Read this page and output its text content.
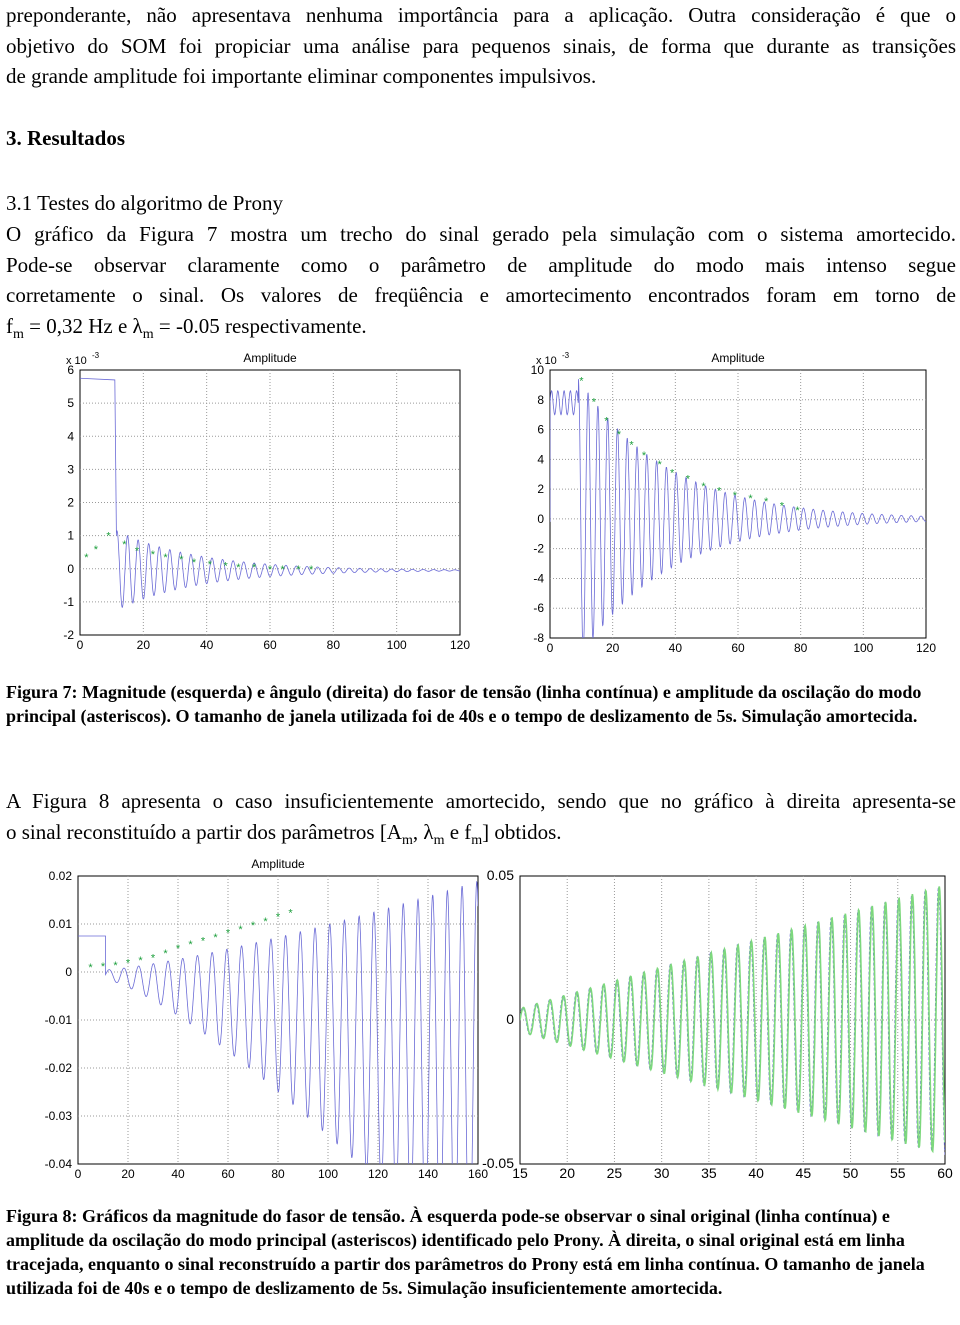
preponderante, não apresentava nenhuma importância para a aplicação. Outra consideração é que o
objetivo do SOM foi propiciar uma análise para pequenos sinais, de forma que durante as transições
de grande amplitude foi importante eliminar componentes impulsivos.
3. Resultados
3.1 Testes do algoritmo de Prony
O gráfico da Figura 7 mostra um trecho do sinal gerado pela simulação com o sistema amortecido.
Pode-se observar claramente como o parâmetro de amplitude do modo mais intenso segue
corretamente o sinal. Os valores de freqüência e amortecimento encontrados foram em torno de
$f_m = 0,32$ Hz e $\lambda_m = -0.05$ respectivamente.
0	20	40	60	80	100	120
6
5
4
3
2
1
0
-1
-2
Amplitude
x 10 -3
*
*
*
*
* * * * * * * * * * * * *
0	20	40	60	80	100	120
10
8
6
4
2
0
-2
-4
-6
-8
Amplitude
x 10 -3
*
*
*
*
*
*
*
* *
* * * * * * *
Figura 7: Magnitude (esquerda) e ângulo (direita) do fasor de tensão (linha contínua) e amplitude da oscilação do modo principal (asteriscos). O tamanho de janela utilizada foi de 40s e o tempo de deslizamento de 5s. Simulação amortecida.
A Figura 8 apresenta o caso insuficientemente amortecido, sendo que no gráfico à direita apresenta-se
o sinal reconstituído a partir dos parâmetros [$A_m$, $\lambda_m$ e $f_m$] obtidos.
0	20	40	60	80	100 120 140 160
0.02
0.01
0
-0.01
-0.02
-0.03
-0.04
Amplitude
* * * * * * * * * * * * * * * * *
15 20 25 30 35 40 45 50 55 60
0.05
0
-0.05
Figura 8: Gráficos da magnitude do fasor de tensão. À esquerda pode-se observar o sinal original (linha contínua) e amplitude da oscilação do modo principal (asteriscos) identificado pelo Prony. À direita, o sinal original está em linha tracejada, enquanto o sinal reconstruído a partir dos parâmetros do Prony está em linha contínua. O tamanho de janela utilizada foi de 40s e o tempo de deslizamento de 5s. Simulação insuficientemente amortecida.
